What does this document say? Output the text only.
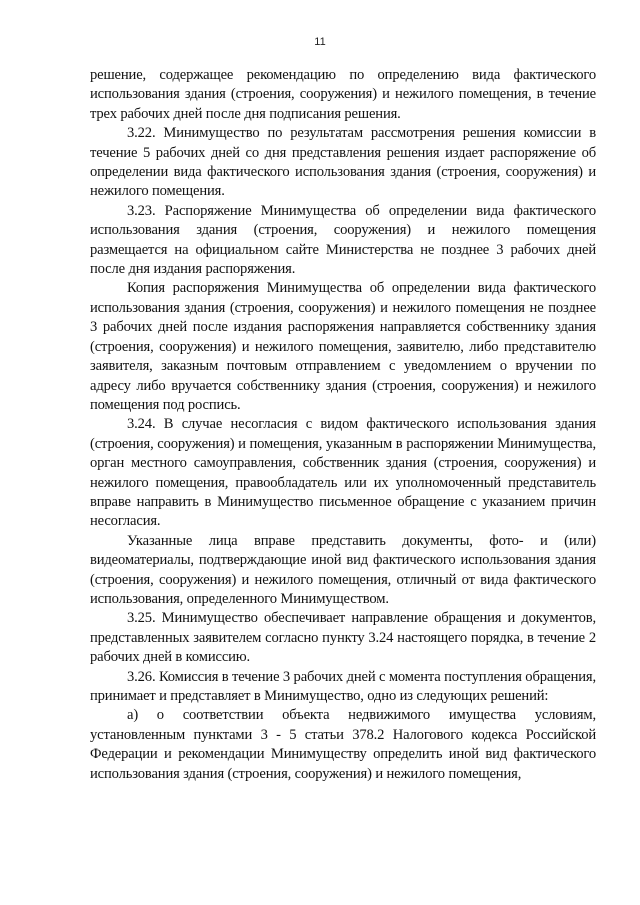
11

решение, содержащее рекомендацию по определению вида фактического использования здания (строения, сооружения) и нежилого помещения, в течение трех рабочих дней после дня подписания решения.

3.22. Минимущество по результатам рассмотрения решения комиссии в течение 5 рабочих дней со дня представления решения издает распоряжение об определении вида фактического использования здания (строения, сооружения) и нежилого помещения.

3.23. Распоряжение Минимущества об определении вида фактического использования здания (строения, сооружения) и нежилого помещения размещается на официальном сайте Министерства не позднее 3 рабочих дней после дня издания распоряжения.

Копия распоряжения Минимущества об определении вида фактического использования здания (строения, сооружения) и нежилого помещения не позднее 3 рабочих дней после издания распоряжения направляется собственнику здания (строения, сооружения) и нежилого помещения, заявителю, либо представителю заявителя, заказным почтовым отправлением с уведомлением о вручении по адресу либо вручается собственнику здания (строения, сооружения) и нежилого помещения под роспись.

3.24. В случае несогласия с видом фактического использования здания (строения, сооружения) и помещения, указанным в распоряжении Минимущества, орган местного самоуправления, собственник здания (строения, сооружения) и нежилого помещения, правообладатель или их уполномоченный представитель вправе направить в Минимущество письменное обращение с указанием причин несогласия.

Указанные лица вправе представить документы, фото- и (или) видеоматериалы, подтверждающие иной вид фактического использования здания (строения, сооружения) и нежилого помещения, отличный от вида фактического использования, определенного Минимуществом.

3.25. Минимущество обеспечивает направление обращения и документов, представленных заявителем согласно пункту 3.24 настоящего порядка, в течение 2 рабочих дней в комиссию.

3.26. Комиссия в течение 3 рабочих дней с момента поступления обращения, принимает и представляет в Минимущество, одно из следующих решений:

а) о соответствии объекта недвижимого имущества условиям, установленным пунктами 3 - 5 статьи 378.2 Налогового кодекса Российской Федерации и рекомендации Минимуществу определить иной вид фактического использования здания (строения, сооружения) и нежилого помещения,
